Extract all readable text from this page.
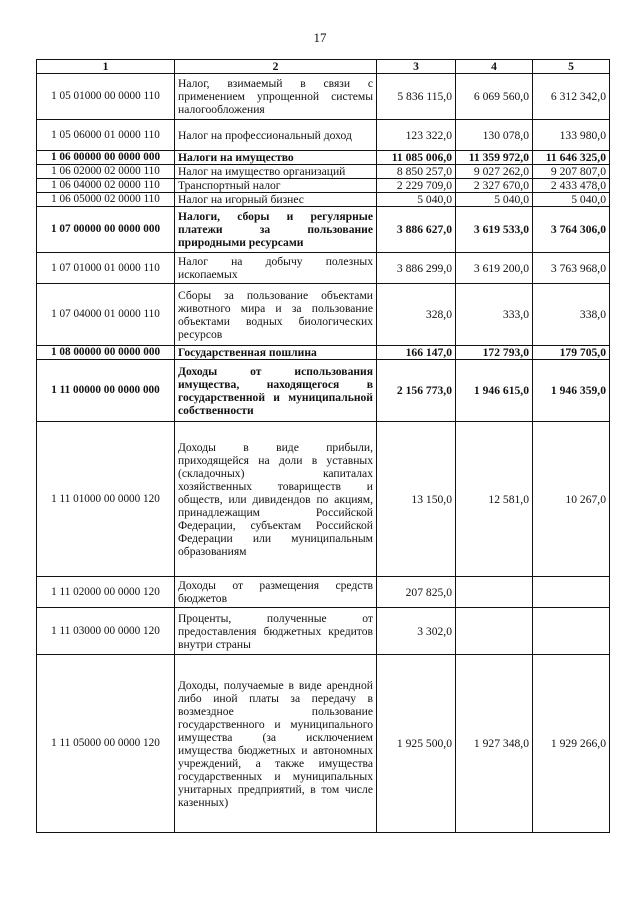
17
1	2	3	4	5
1 05 01000 00 0000 110	Налог, взимаемый в связи с применением упрощенной системы налогообложения	5 836 115,0	6 069 560,0	6 312 342,0
1 05 06000 01 0000 110	Налог на профессиональный доход	123 322,0	130 078,0	133 980,0
1 06 00000 00 0000 000	Налоги на имущество	11 085 006,0	11 359 972,0	11 646 325,0
1 06 02000 02 0000 110	Налог на имущество организаций	8 850 257,0	9 027 262,0	9 207 807,0
1 06 04000 02 0000 110	Транспортный налог	2 229 709,0	2 327 670,0	2 433 478,0
1 06 05000 02 0000 110	Налог на игорный бизнес	5 040,0	5 040,0	5 040,0
1 07 00000 00 0000 000	Налоги, сборы и регулярные платежи за пользование природными ресурсами	3 886 627,0	3 619 533,0	3 764 306,0
1 07 01000 01 0000 110	Налог на добычу полезных ископаемых	3 886 299,0	3 619 200,0	3 763 968,0
1 07 04000 01 0000 110	Сборы за пользование объектами животного мира и за пользование объектами водных биологических ресурсов	328,0	333,0	338,0
1 08 00000 00 0000 000	Государственная пошлина	166 147,0	172 793,0	179 705,0
1 11 00000 00 0000 000	Доходы от использования имущества, находящегося в государственной и муниципальной собственности	2 156 773,0	1 946 615,0	1 946 359,0
1 11 01000 00 0000 120	Доходы в виде прибыли, приходящейся на доли в уставных (складочных) капиталах хозяйственных товариществ и обществ, или дивидендов по акциям, принадлежащим Российской Федерации, субъектам Российской Федерации или муниципальным образованиям	13 150,0	12 581,0	10 267,0
1 11 02000 00 0000 120	Доходы от размещения средств бюджетов	207 825,0		
1 11 03000 00 0000 120	Проценты, полученные от предоставления бюджетных кредитов внутри страны	3 302,0		
1 11 05000 00 0000 120	Доходы, получаемые в виде арендной либо иной платы за передачу в возмездное пользование государственного и муниципального имущества (за исключением имущества бюджетных и автономных учреждений, а также имущества государственных и муниципальных унитарных предприятий, в том числе казенных)	1 925 500,0	1 927 348,0	1 929 266,0
